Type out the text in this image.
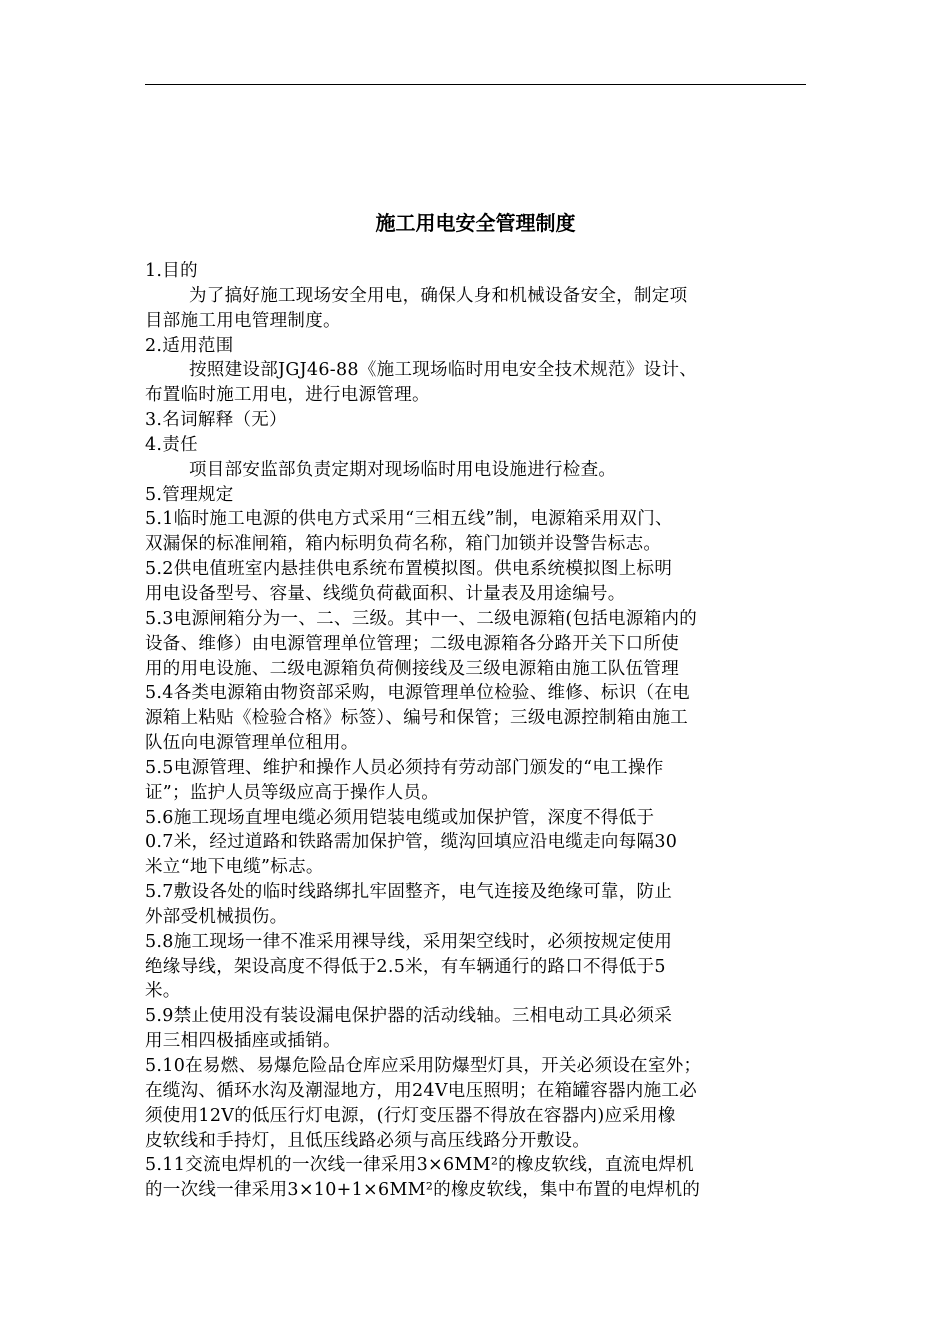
施工用电安全管理制度
1.目的
为了搞好施工现场安全用电，确保人身和机械设备安全，制定项
目部施工用电管理制度。
2.适用范围
按照建设部JGJ46-88《施工现场临时用电安全技术规范》设计、
布置临时施工用电，进行电源管理。
3.名词解释（无）
4.责任
项目部安监部负责定期对现场临时用电设施进行检查。
5.管理规定
5.1临时施工电源的供电方式采用“三相五线”制，电源箱采用双门、
双漏保的标准闸箱，箱内标明负荷名称，箱门加锁并设警告标志。
5.2供电值班室内悬挂供电系统布置模拟图。供电系统模拟图上标明
用电设备型号、容量、线缆负荷截面积、计量表及用途编号。
5.3电源闸箱分为一、二、三级。其中一、二级电源箱(包括电源箱内的
设备、维修）由电源管理单位管理；二级电源箱各分路开关下口所使
用的用电设施、二级电源箱负荷侧接线及三级电源箱由施工队伍管理
5.4各类电源箱由物资部采购，电源管理单位检验、维修、标识（在电
源箱上粘贴《检验合格》标签）、编号和保管；三级电源控制箱由施工
队伍向电源管理单位租用。
5.5电源管理、维护和操作人员必须持有劳动部门颁发的“电工操作
证”；监护人员等级应高于操作人员。
5.6施工现场直埋电缆必须用铠装电缆或加保护管，深度不得低于
0.7米，经过道路和铁路需加保护管，缆沟回填应沿电缆走向每隔30
米立“地下电缆”标志。
5.7敷设各处的临时线路绑扎牢固整齐，电气连接及绝缘可靠，防止
外部受机械损伤。
5.8施工现场一律不准采用裸导线，采用架空线时，必须按规定使用
绝缘导线，架设高度不得低于2.5米，有车辆通行的路口不得低于5
米。
5.9禁止使用没有装设漏电保护器的活动线轴。三相电动工具必须采
用三相四极插座或插销。
5.10在易燃、易爆危险品仓库应采用防爆型灯具，开关必须设在室外；
在缆沟、循环水沟及潮湿地方，用24V电压照明；在箱罐容器内施工必
须使用12V的低压行灯电源，(行灯变压器不得放在容器内)应采用橡
皮软线和手持灯，且低压线路必须与高压线路分开敷设。
5.11交流电焊机的一次线一律采用3×6MM²的橡皮软线，直流电焊机
的一次线一律采用3×10+1×6MM²的橡皮软线，集中布置的电焊机的
